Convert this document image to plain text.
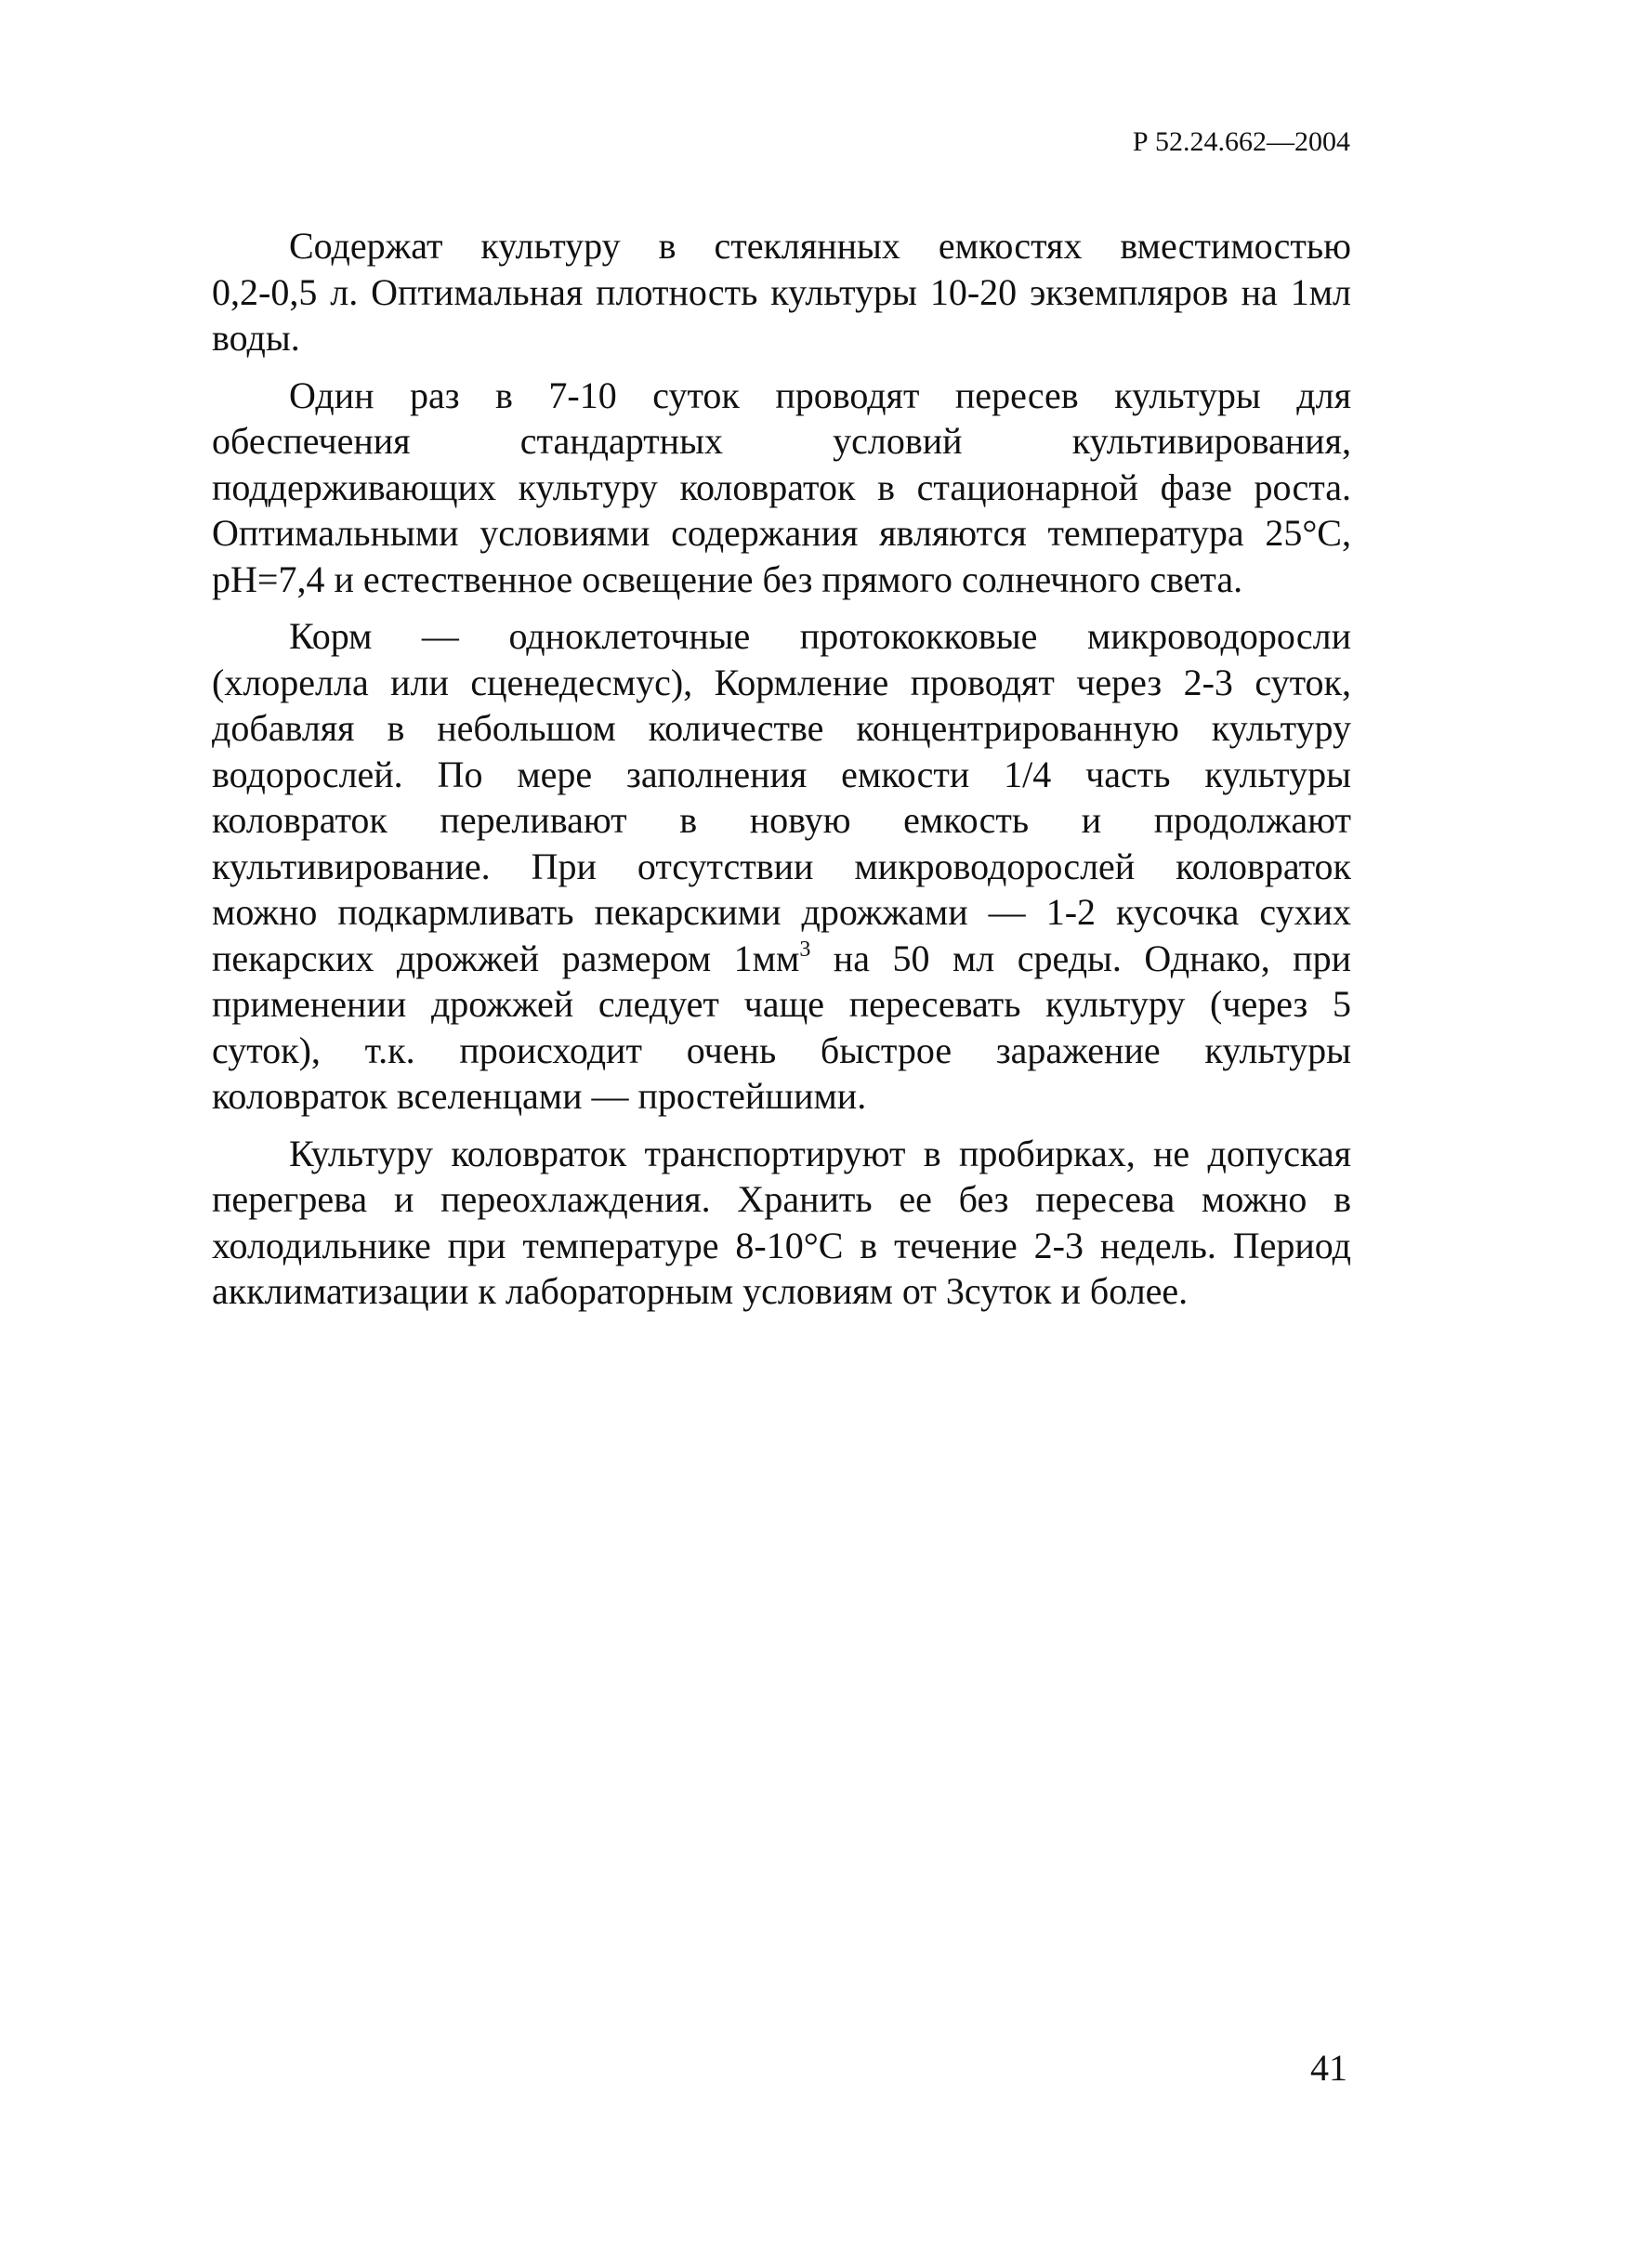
Р 52.24.662—2004
Содержат культуру в стеклянных емкостях вместимостью
0,2-0,5 л. Оптимальная плотность культуры 10-20 экземпляров на 1мл
воды.
Один раз в 7-10 суток проводят пересев культуры для
обеспечения стандартных условий культивирования,
поддерживающих культуру коловраток в стационарной фазе роста.
Оптимальными условиями содержания являются температура 25°С,
рН=7,4 и естественное освещение без прямого солнечного света.
Корм — одноклеточные протококковые микроводоросли
(хлорелла или сценедесмус), Кормление проводят через 2-3 суток,
добавляя в небольшом количестве концентрированную культуру
водорослей. По мере заполнения емкости 1/4 часть культуры
коловраток переливают в новую емкость и продолжают
культивирование. При отсутствии микроводорослей коловраток
можно подкармливать пекарскими дрожжами — 1-2 кусочка сухих
пекарских дрожжей размером $1мм^3$ на 50 мл среды. Однако, при
применении дрожжей следует чаще пересевать культуру (через 5
суток), т.к. происходит очень быстрое заражение культуры
коловраток вселенцами — простейшими.
Культуру коловраток транспортируют в пробирках, не допуская
перегрева и переохлаждения. Хранить ее без пересева можно в
холодильнике при температуре 8-10°С в течение 2-3 недель. Период
акклиматизации к лабораторным условиям от 3суток и более.
41
